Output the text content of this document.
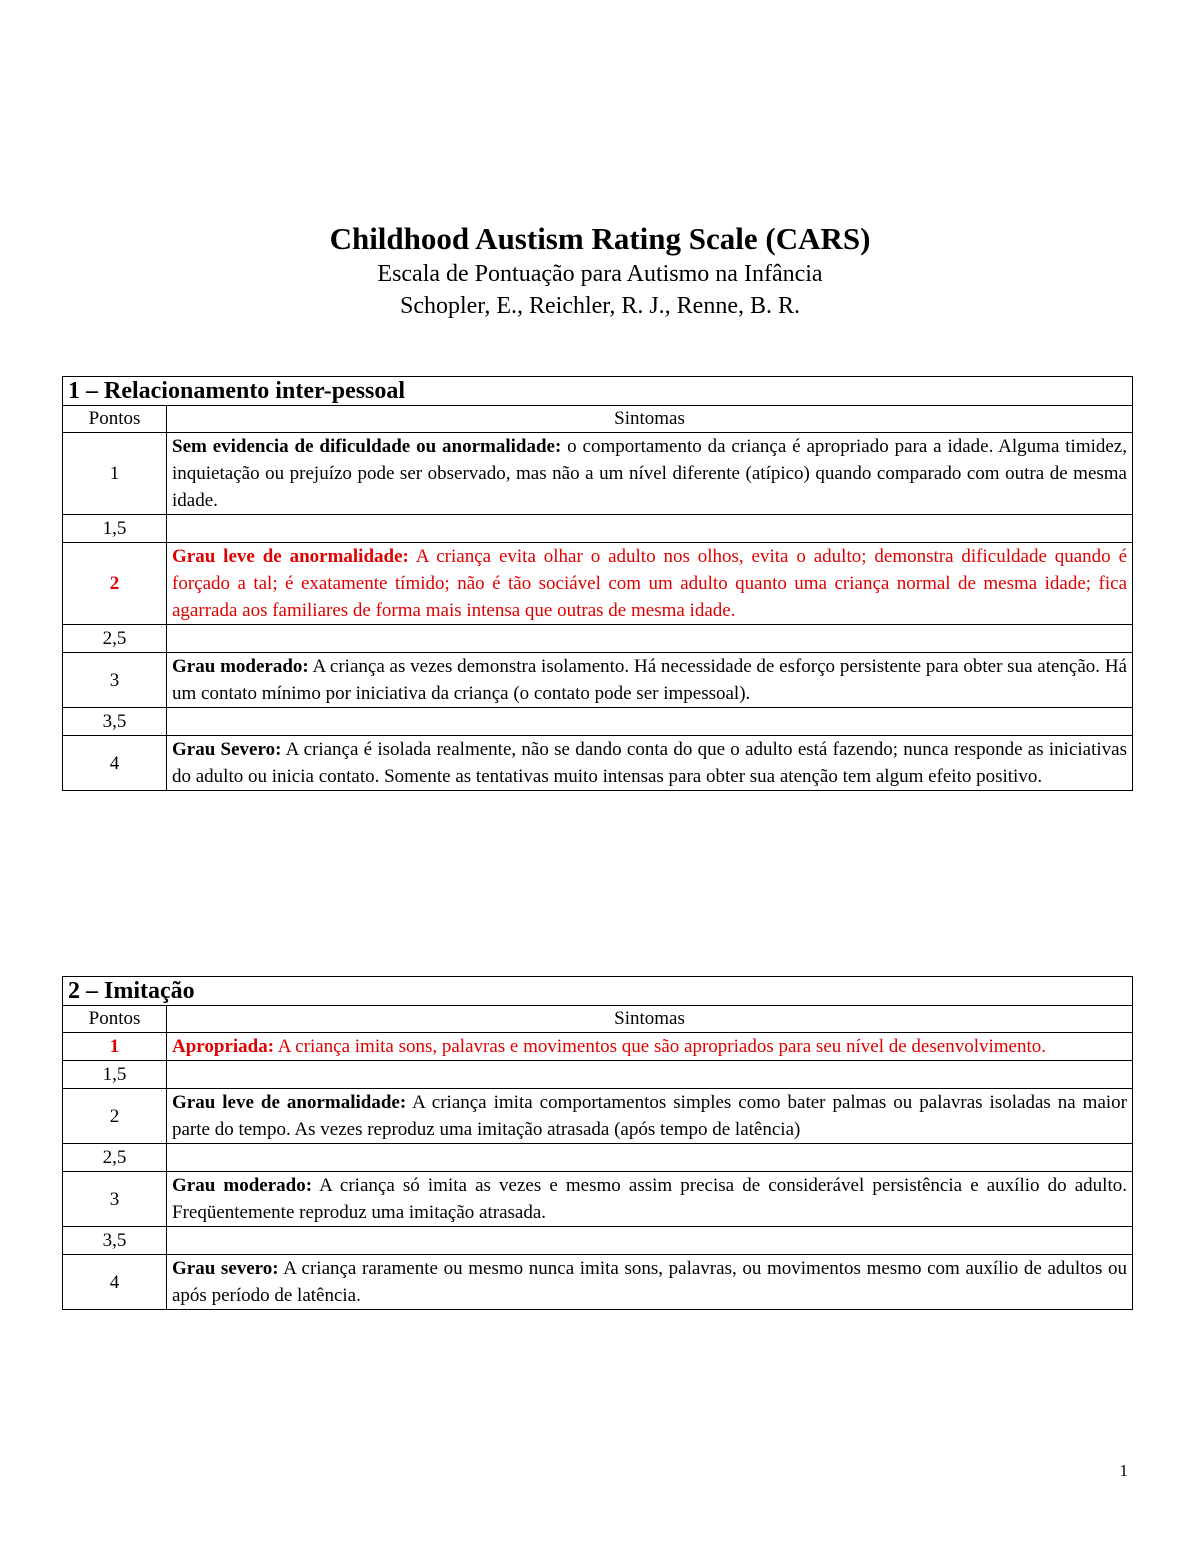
Childhood Austism Rating Scale (CARS)

Escala de Pontuação para Autismo na Infância

Schopler, E., Reichler, R. J., Renne, B. R.

1 – Relacionamento inter-pessoal	
Pontos	Sintomas
1	Sem evidencia de dificuldade ou anormalidade: o comportamento da criança é apropriado para a idade. Alguma timidez, inquietação ou prejuízo pode ser observado, mas não a um nível diferente (atípico) quando comparado com outra de mesma idade.
1,5	
2	Grau leve de anormalidade: A criança evita olhar o adulto nos olhos, evita o adulto; demonstra dificuldade quando é forçado a tal; é exatamente tímido; não é tão sociável com um adulto quanto uma criança normal de mesma idade; fica agarrada aos familiares de forma mais intensa que outras de mesma idade.
2,5	
3	Grau moderado: A criança as vezes demonstra isolamento. Há necessidade de esforço persistente para obter sua atenção. Há um contato mínimo por iniciativa da criança (o contato pode ser impessoal).
3,5	
4	Grau Severo: A criança é isolada realmente, não se dando conta do que o adulto está fazendo; nunca responde as iniciativas do adulto ou inicia contato. Somente as tentativas muito intensas para obter sua atenção tem algum efeito positivo.
2 – Imitação	
Pontos	Sintomas
1	Apropriada: A criança imita sons, palavras e movimentos que são apropriados para seu nível de desenvolvimento.
1,5	
2	Grau leve de anormalidade: A criança imita comportamentos simples como bater palmas ou palavras isoladas na maior parte do tempo. As vezes reproduz uma imitação atrasada (após tempo de latência)
2,5	
3	Grau moderado: A criança só imita as vezes e mesmo assim precisa de considerável persistência e auxílio do adulto. Freqüentemente reproduz uma imitação atrasada.
3,5	
4	Grau severo: A criança raramente ou mesmo nunca imita sons, palavras, ou movimentos mesmo com auxílio de adultos ou após período de latência.
1
